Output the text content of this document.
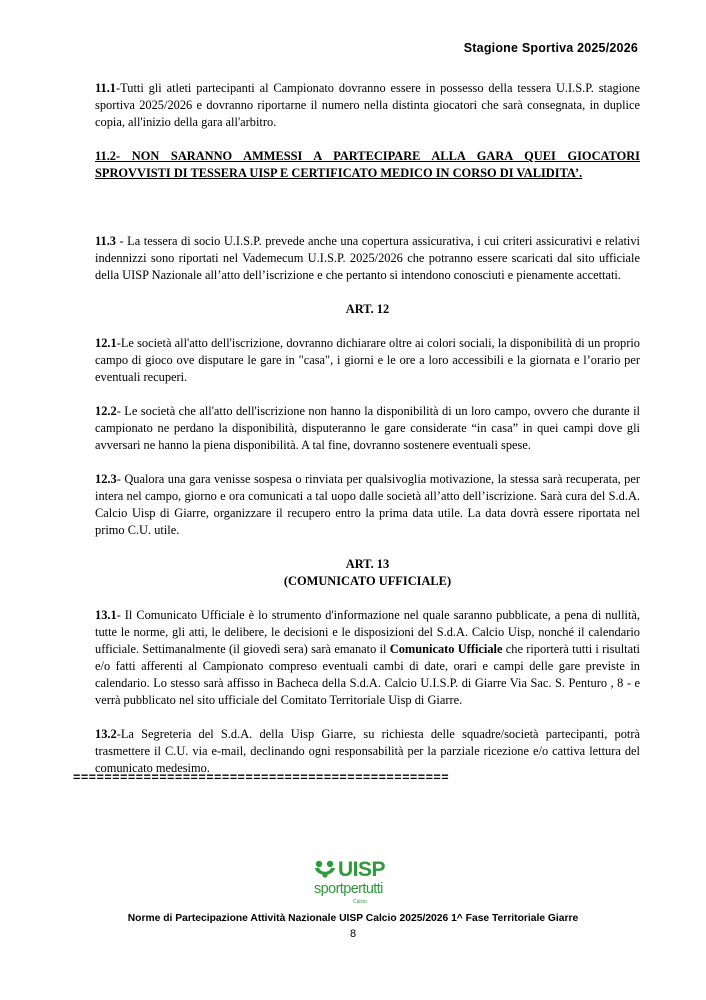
Stagione Sportiva 2025/2026

11.1-Tutti gli atleti partecipanti al Campionato dovranno essere in possesso della tessera U.I.S.P. stagione sportiva 2025/2026 e dovranno riportarne il numero nella distinta giocatori che sarà consegnata, in duplice copia, all'inizio della gara all'arbitro.

11.2- NON SARANNO AMMESSI A PARTECIPARE ALLA GARA QUEI GIOCATORI SPROVVISTI DI TESSERA UISP E CERTIFICATO MEDICO IN CORSO DI VALIDITA’.

11.3 - La tessera di socio U.I.S.P. prevede anche una copertura assicurativa, i cui criteri assicurativi e relativi indennizzi sono riportati nel Vademecum U.I.S.P. 2025/2026 che potranno essere scaricati dal sito ufficiale della UISP Nazionale all’atto dell’iscrizione e che pertanto si intendono conosciuti e pienamente accettati.

ART. 12

12.1-Le società all'atto dell'iscrizione, dovranno dichiarare oltre ai colori sociali, la disponibilità di un proprio campo di gioco ove disputare le gare in "casa", i giorni e le ore a loro accessibili e la giornata e l’orario per eventuali recuperi.

12.2- Le società che all'atto dell'iscrizione non hanno la disponibilità di un loro campo, ovvero che durante il campionato ne perdano la disponibilità, disputeranno le gare considerate “in casa” in quei campi dove gli avversari ne hanno la piena disponibilità. A tal fine, dovranno sostenere eventuali spese.

12.3- Qualora una gara venisse sospesa o rinviata per qualsivoglia motivazione, la stessa sarà recuperata, per intera nel campo, giorno e ora comunicati a tal uopo dalle società all’atto dell’iscrizione. Sarà cura del S.d.A. Calcio Uisp di Giarre, organizzare il recupero entro la prima data utile. La data dovrà essere riportata nel primo C.U. utile.

ART. 13
(COMUNICATO UFFICIALE)

13.1- Il Comunicato Ufficiale è lo strumento d'informazione nel quale saranno pubblicate, a pena di nullità, tutte le norme, gli atti, le delibere, le decisioni e le disposizioni del S.d.A. Calcio Uisp, nonché il calendario ufficiale. Settimanalmente (il giovedì sera) sarà emanato il Comunicato Ufficiale che riporterà tutti i risultati e/o fatti afferenti al Campionato compreso eventuali cambi di date, orari e campi delle gare previste in calendario. Lo stesso sarà affisso in Bacheca della S.d.A. Calcio U.I.S.P. di Giarre Via Sac. S. Penturo , 8 - e verrà pubblicato nel sito ufficiale del Comitato Territoriale Uisp di Giarre.

13.2-La Segreteria del S.d.A. della Uisp Giarre, su richiesta delle squadre/società partecipanti, potrà trasmettere il C.U. via e-mail, declinando ogni responsabilità per la parziale ricezione e/o cattiva lettura del comunicato medesimo.

================================================
UISP
sportpertutti
Calcio
Norme di Partecipazione Attività Nazionale UISP Calcio 2025/2026 1^ Fase Territoriale Giarre
8
